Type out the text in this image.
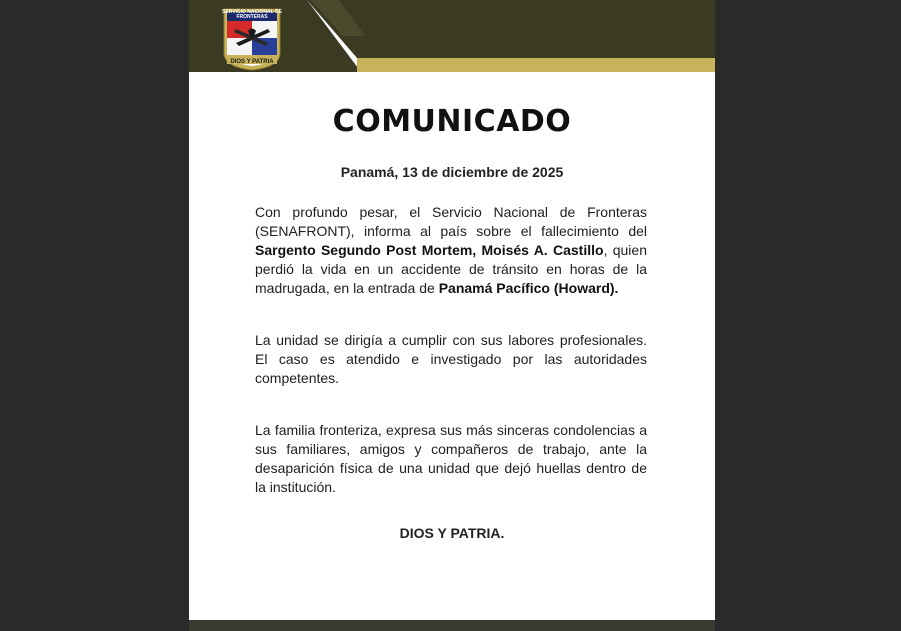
SERVICIO NACIONAL DE FRONTERAS
DIOS Y PATRIA
COMUNICADO
Panamá, 13 de diciembre de 2025
Con profundo pesar, el Servicio Nacional de Fronteras (SENAFRONT), informa al país sobre el fallecimiento del Sargento Segundo Post Mortem, Moisés A. Castillo, quien perdió la vida en un accidente de tránsito en horas de la madrugada, en la entrada de Panamá Pacífico (Howard).
La unidad se dirigía a cumplir con sus labores profesionales. El caso es atendido e investigado por las autoridades competentes.
La familia fronteriza, expresa sus más sinceras condolencias a sus familiares, amigos y compañeros de trabajo, ante la desaparición física de una unidad que dejó huellas dentro de la institución.
DIOS Y PATRIA.
